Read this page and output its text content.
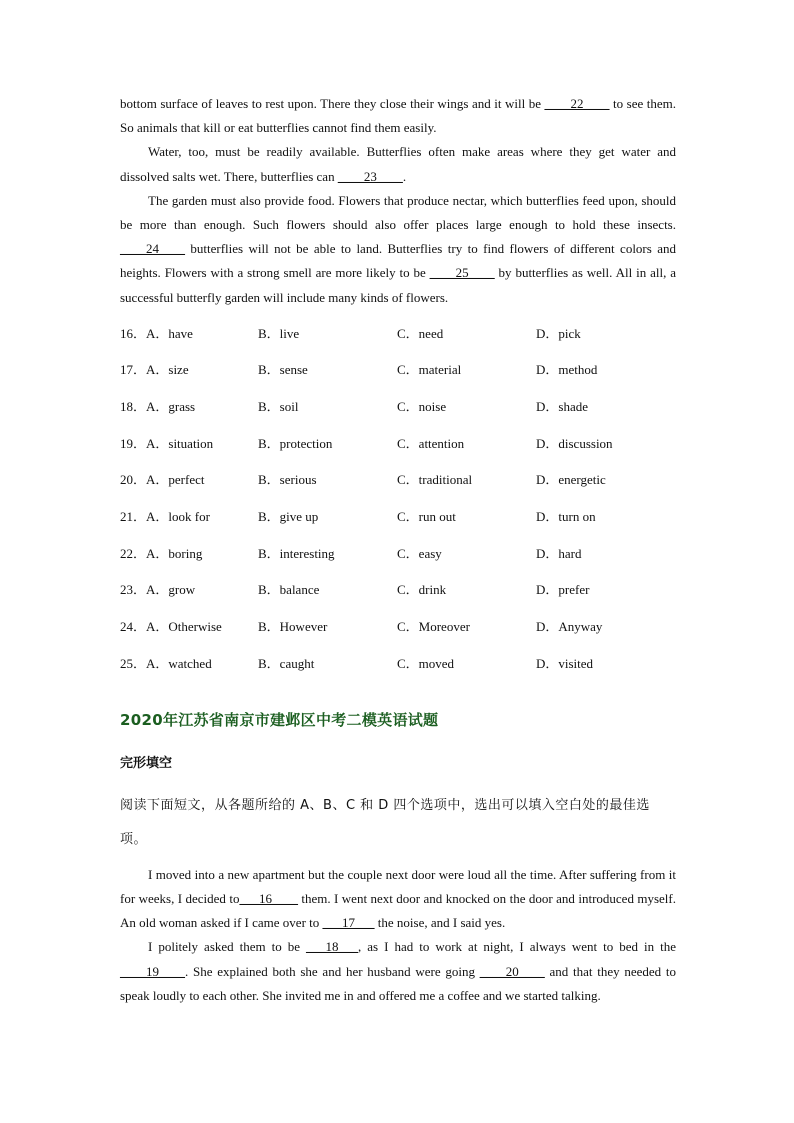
bottom surface of leaves to rest upon. There they close their wings and it will be ____22____ to see them. So animals that kill or eat butterflies cannot find them easily.

Water, too, must be readily available. Butterflies often make areas where they get water and dissolved salts wet. There, butterflies can ____23____.

The garden must also provide food. Flowers that produce nectar, which butterflies feed upon, should be more than enough. Such flowers should also offer places large enough to hold these insects. ____24____ butterflies will not be able to land. Butterflies try to find flowers of different colors and heights. Flowers with a strong smell are more likely to be ____25____ by butterflies as well. All in all, a successful butterfly garden will include many kinds of flowers.

16．A．have	B．live	C．need	D．pick
17．A．size	B．sense	C．material	D．method
18．A．grass	B．soil	C．noise	D．shade
19．A．situation	B．protection	C．attention	D．discussion
20．A．perfect	B．serious	C．traditional	D．energetic
21．A．look for	B．give up	C．run out	D．turn on
22．A．boring	B．interesting	C．easy	D．hard
23．A．grow	B．balance	C．drink	D．prefer
24．A．Otherwise	B．However	C．Moreover	D．Anyway
25．A．watched	B．caught	C．moved	D．visited
2020年江苏省南京市建邺区中考二模英语试题
完形填空
阅读下面短文，从各题所给的 A、B、C 和 D 四个选项中，选出可以填入空白处的最佳选项。

I moved into a new apartment but the couple next door were loud all the time. After suffering from it for weeks, I decided to___16____ them. I went next door and knocked on the door and introduced myself. An old woman asked if I came over to ___17___ the noise, and I said yes.

I politely asked them to be ___18___, as I had to work at night, I always went to bed in the ____19____. She explained both she and her husband were going ____20____ and that they needed to speak loudly to each other. She invited me in and offered me a coffee and we started talking.
